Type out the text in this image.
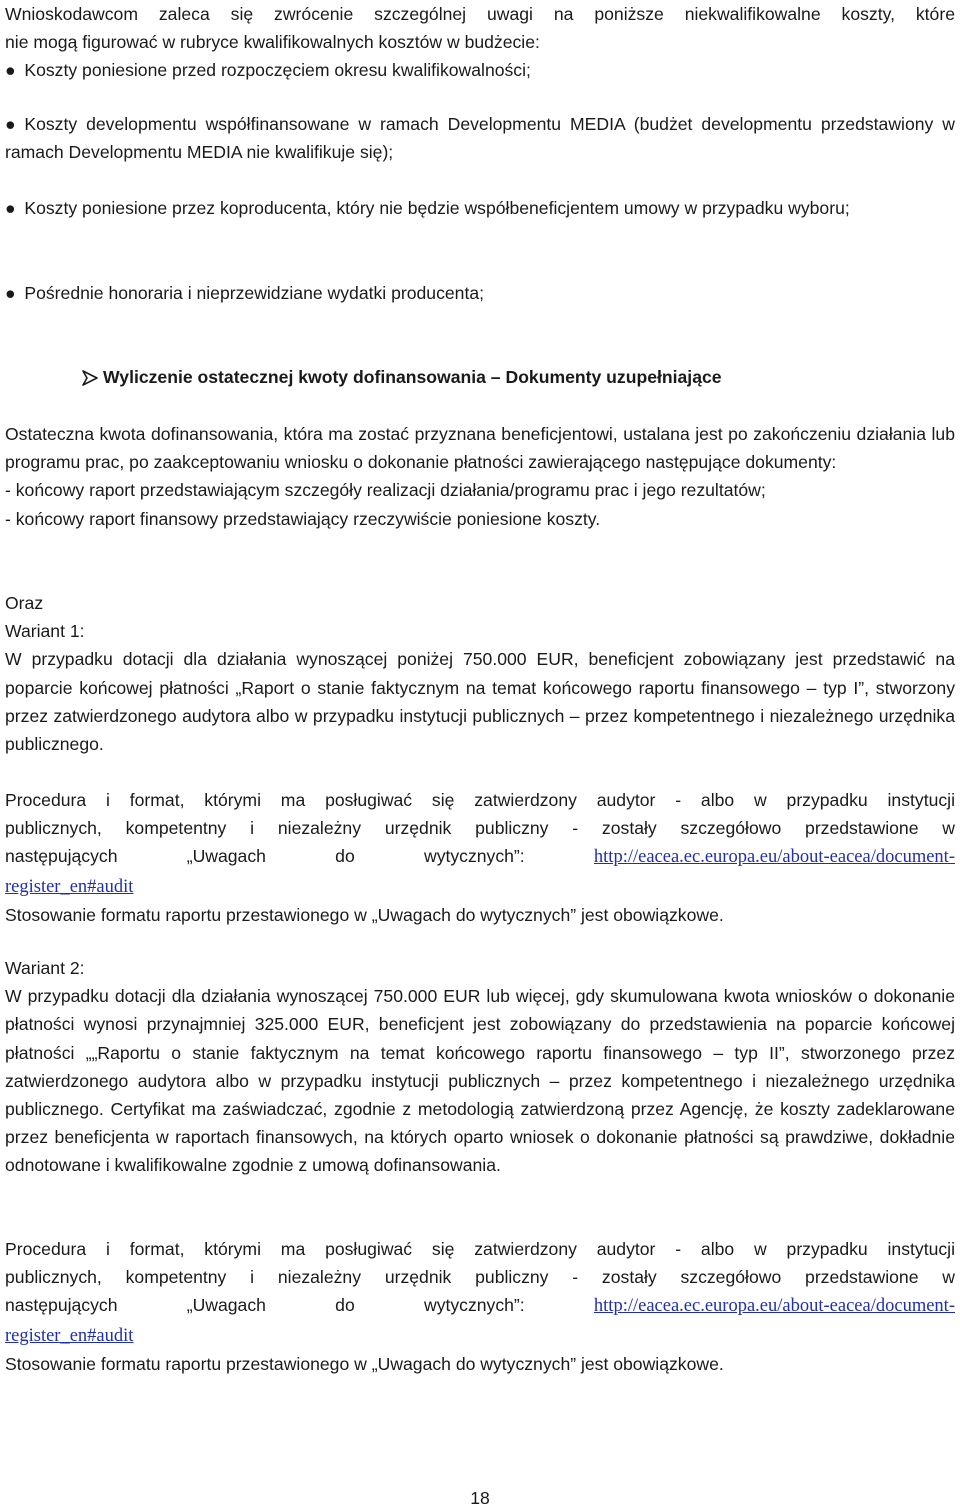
Wnioskodawcom zaleca się zwrócenie szczególnej uwagi na poniższe niekwalifikowalne koszty, które

nie mogą figurować w rubryce kwalifikowalnych kosztów w budżecie:

● Koszty poniesione przed rozpoczęciem okresu kwalifikowalności;

● Koszty developmentu współfinansowane w ramach Developmentu MEDIA (budżet developmentu przedstawiony w ramach Developmentu MEDIA nie kwalifikuje się);

● Koszty poniesione przez koproducenta, który nie będzie współbeneficjentem umowy w przypadku wyboru;

● Pośrednie honoraria i nieprzewidziane wydatki producenta;

Wyliczenie ostatecznej kwoty dofinansowania – Dokumenty uzupełniające

Ostateczna kwota dofinansowania, która ma zostać przyznana beneficjentowi, ustalana jest po zakończeniu działania lub programu prac, po zaakceptowaniu wniosku o dokonanie płatności zawierającego następujące dokumenty:

- końcowy raport przedstawiającym szczegóły realizacji działania/programu prac i jego rezultatów;

- końcowy raport finansowy przedstawiający rzeczywiście poniesione koszty.

Oraz

Wariant 1:

W przypadku dotacji dla działania wynoszącej poniżej 750.000 EUR, beneficjent zobowiązany jest przedstawić na poparcie końcowej płatności „Raport o stanie faktycznym na temat końcowego raportu finansowego – typ I”, stworzony przez zatwierdzonego audytora albo w przypadku instytucji publicznych – przez kompetentnego i niezależnego urzędnika publicznego.

Procedura i format, którymi ma posługiwać się zatwierdzony audytor - albo w przypadku instytucji

publicznych, kompetentny i niezależny urzędnik publiczny - zostały szczegółowo przedstawione w

następujących	„Uwagach	do	wytycznych”:	http://eacea.ec.europa.eu/about-eacea/document-

register_en#audit

Stosowanie formatu raportu przestawionego w „Uwagach do wytycznych” jest obowiązkowe.

Wariant 2:

W przypadku dotacji dla działania wynoszącej 750.000 EUR lub więcej, gdy skumulowana kwota wniosków o dokonanie płatności wynosi przynajmniej 325.000 EUR, beneficjent jest zobowiązany do przedstawienia na poparcie końcowej płatności „„Raportu o stanie faktycznym na temat końcowego raportu finansowego – typ II”, stworzonego przez zatwierdzonego audytora albo w przypadku instytucji publicznych – przez kompetentnego i niezależnego urzędnika publicznego. Certyfikat ma zaświadczać, zgodnie z metodologią zatwierdzoną przez Agencję, że koszty zadeklarowane przez beneficjenta w raportach finansowych, na których oparto wniosek o dokonanie płatności są prawdziwe, dokładnie odnotowane i kwalifikowalne zgodnie z umową dofinansowania.

Procedura i format, którymi ma posługiwać się zatwierdzony audytor - albo w przypadku instytucji

publicznych, kompetentny i niezależny urzędnik publiczny - zostały szczegółowo przedstawione w

następujących	„Uwagach	do	wytycznych”:	http://eacea.ec.europa.eu/about-eacea/document-

register_en#audit

Stosowanie formatu raportu przestawionego w „Uwagach do wytycznych” jest obowiązkowe.

18
